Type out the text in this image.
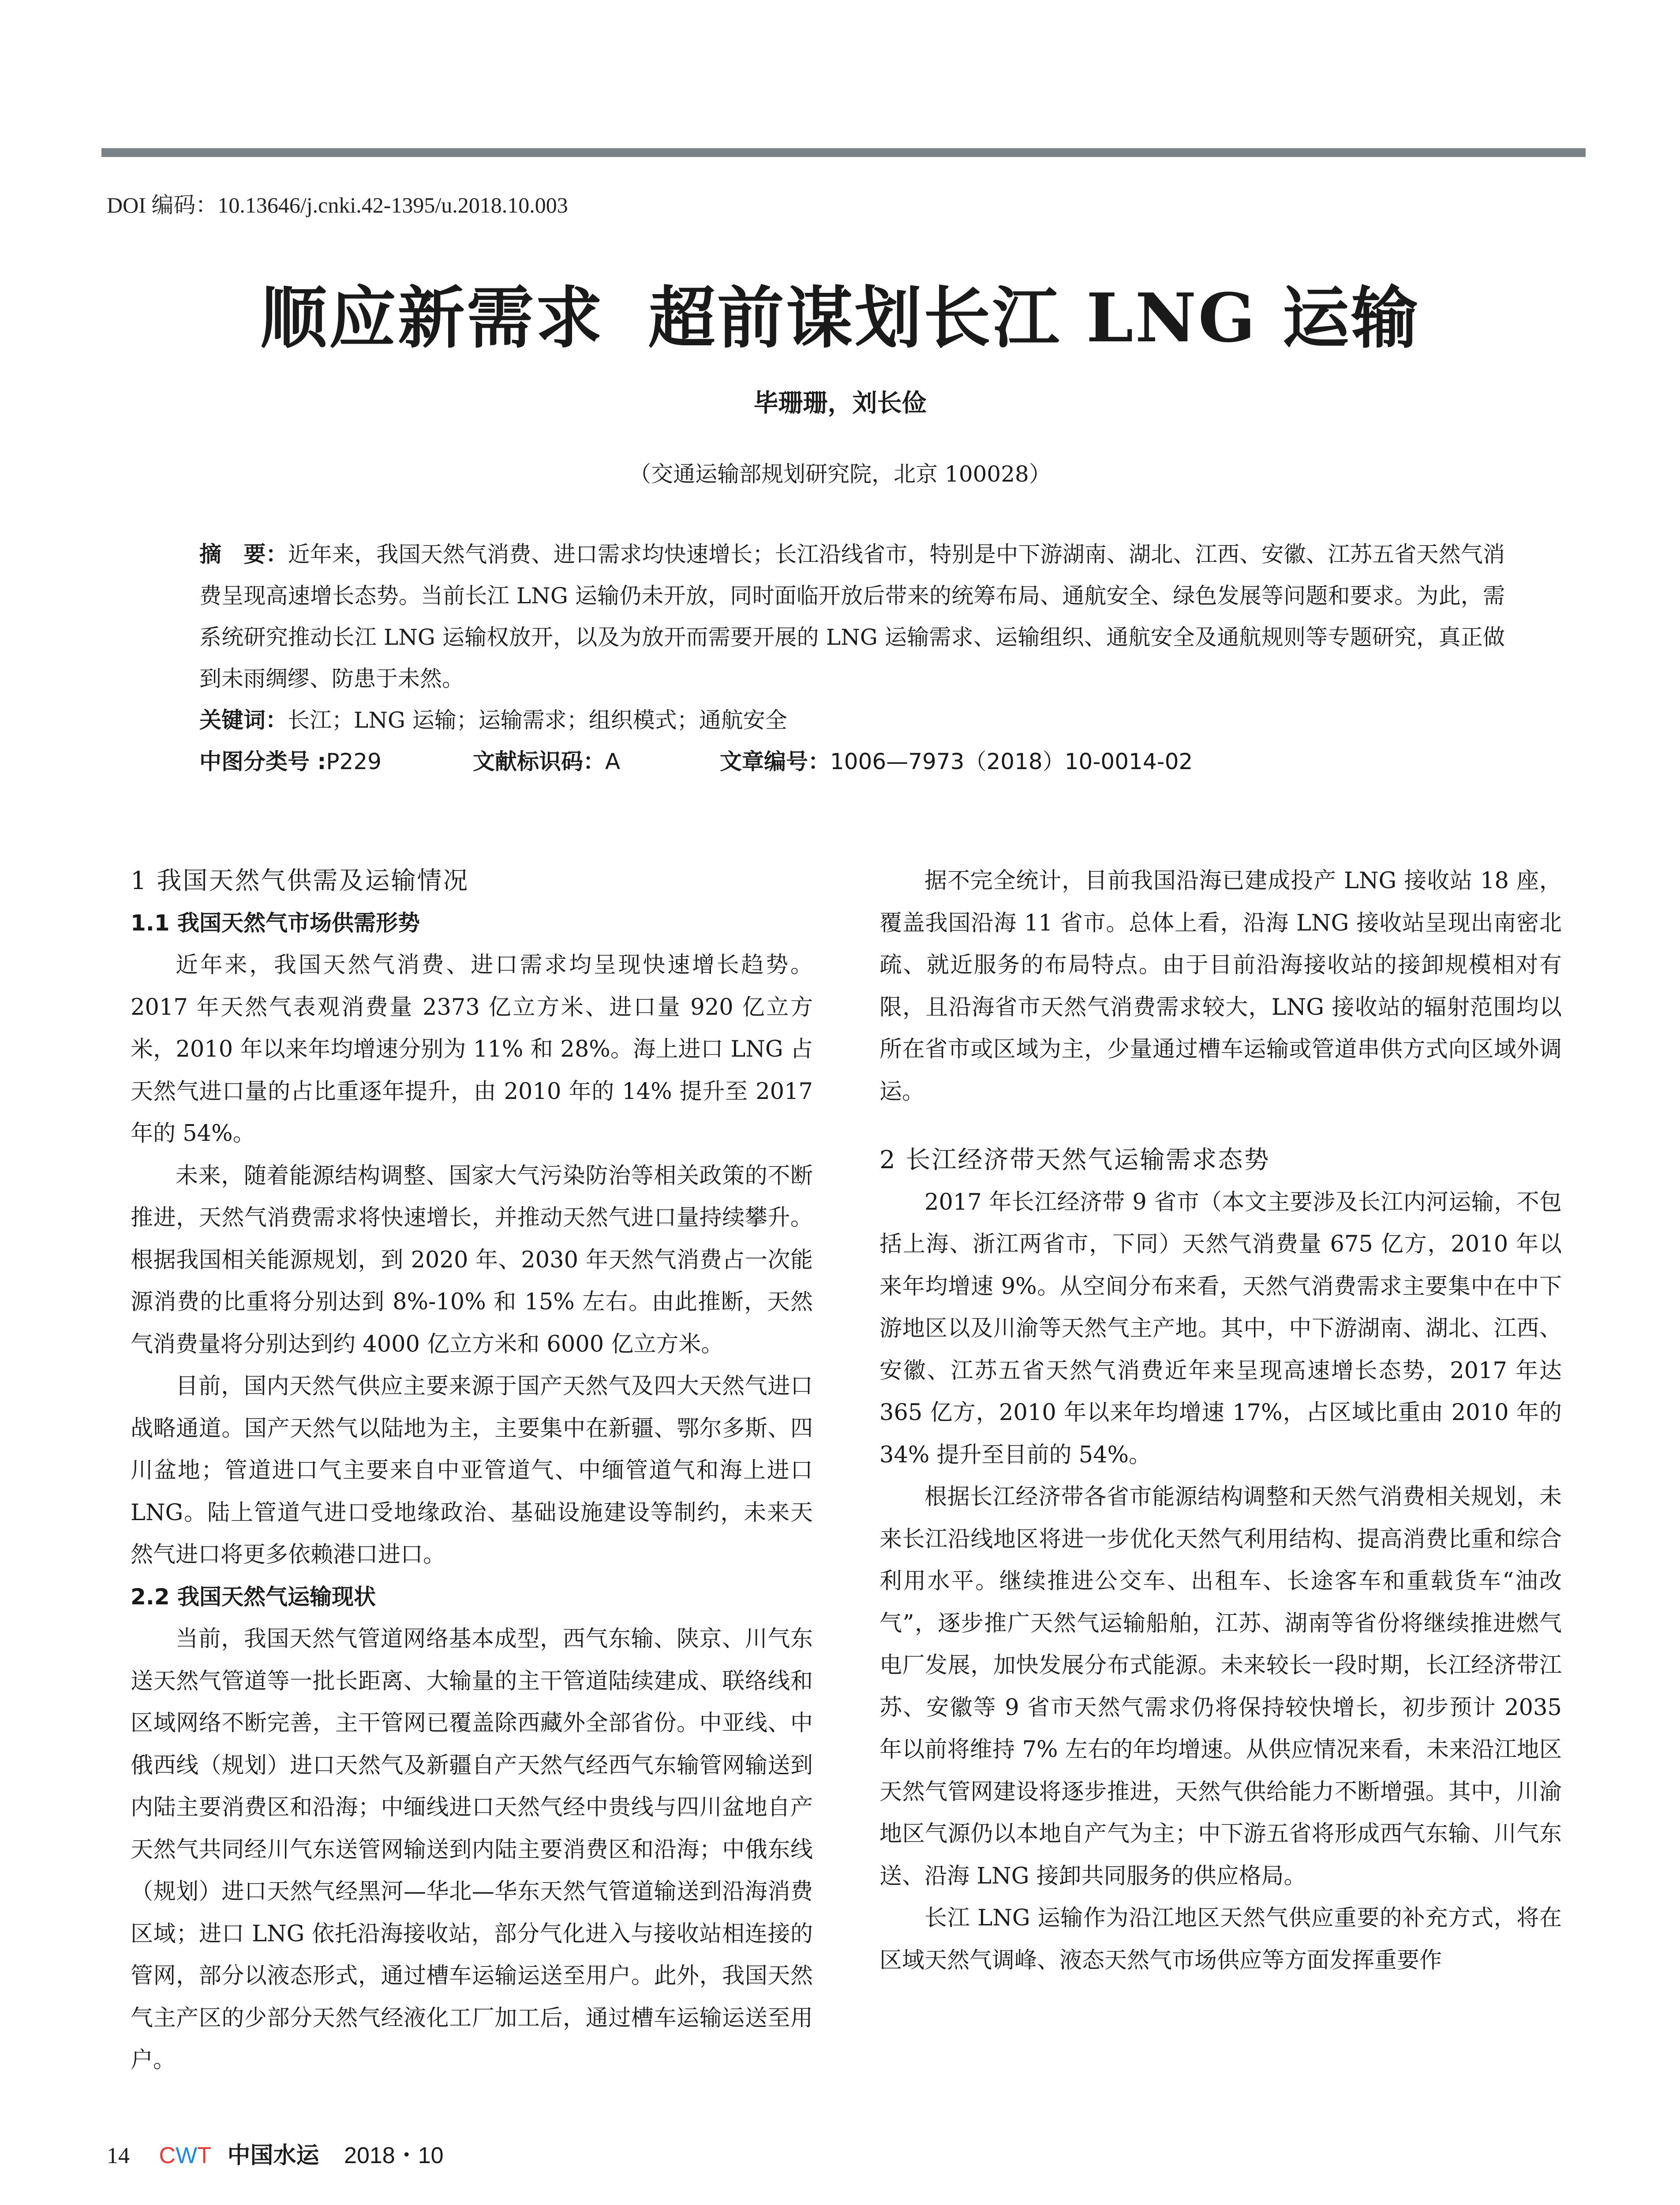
DOI 编码：10.13646/j.cnki.42-1395/u.2018.10.003
顺应新需求 超前谋划长江 LNG 运输
毕珊珊，刘长俭
（交通运输部规划研究院，北京 100028）
摘　要：近年来，我国天然气消费、进口需求均快速增长；长江沿线省市，特别是中下游湖南、湖北、江西、安徽、江苏五省天然气消费呈现高速增长态势。当前长江 LNG 运输仍未开放，同时面临开放后带来的统筹布局、通航安全、绿色发展等问题和要求。为此，需系统研究推动长江 LNG 运输权放开，以及为放开而需要开展的 LNG 运输需求、运输组织、通航安全及通航规则等专题研究，真正做到未雨绸缪、防患于未然。
关键词：长江；LNG 运输；运输需求；组织模式；通航安全
中图分类号 :P229	文献标识码：A	文章编号：1006—7973（2018）10-0014-02
1 我国天然气供需及运输情况
1.1 我国天然气市场供需形势

近年来，我国天然气消费、进口需求均呈现快速增长趋势。2017 年天然气表观消费量 2373 亿立方米、进口量 920 亿立方米，2010 年以来年均增速分别为 11% 和 28%。海上进口 LNG 占天然气进口量的占比重逐年提升，由 2010 年的 14% 提升至 2017 年的 54%。

未来，随着能源结构调整、国家大气污染防治等相关政策的不断推进，天然气消费需求将快速增长，并推动天然气进口量持续攀升。根据我国相关能源规划，到 2020 年、2030 年天然气消费占一次能源消费的比重将分别达到 8%-10% 和 15% 左右。由此推断，天然气消费量将分别达到约 4000 亿立方米和 6000 亿立方米。

目前，国内天然气供应主要来源于国产天然气及四大天然气进口战略通道。国产天然气以陆地为主，主要集中在新疆、鄂尔多斯、四川盆地；管道进口气主要来自中亚管道气、中缅管道气和海上进口 LNG。陆上管道气进口受地缘政治、基础设施建设等制约，未来天然气进口将更多依赖港口进口。

2.2 我国天然气运输现状

当前，我国天然气管道网络基本成型，西气东输、陕京、川气东送天然气管道等一批长距离、大输量的主干管道陆续建成、联络线和区域网络不断完善，主干管网已覆盖除西藏外全部省份。中亚线、中俄西线（规划）进口天然气及新疆自产天然气经西气东输管网输送到内陆主要消费区和沿海；中缅线进口天然气经中贵线与四川盆地自产天然气共同经川气东送管网输送到内陆主要消费区和沿海；中俄东线（规划）进口天然气经黑河—华北—华东天然气管道输送到沿海消费区域；进口 LNG 依托沿海接收站，部分气化进入与接收站相连接的管网，部分以液态形式，通过槽车运输运送至用户。此外，我国天然气主产区的少部分天然气经液化工厂加工后，通过槽车运输运送至用户。

据不完全统计，目前我国沿海已建成投产 LNG 接收站 18 座，覆盖我国沿海 11 省市。总体上看，沿海 LNG 接收站呈现出南密北疏、就近服务的布局特点。由于目前沿海接收站的接卸规模相对有限，且沿海省市天然气消费需求较大，LNG 接收站的辐射范围均以所在省市或区域为主，少量通过槽车运输或管道串供方式向区域外调运。

2 长江经济带天然气运输需求态势

2017 年长江经济带 9 省市（本文主要涉及长江内河运输，不包括上海、浙江两省市，下同）天然气消费量 675 亿方，2010 年以来年均增速 9%。从空间分布来看，天然气消费需求主要集中在中下游地区以及川渝等天然气主产地。其中，中下游湖南、湖北、江西、安徽、江苏五省天然气消费近年来呈现高速增长态势，2017 年达 365 亿方，2010 年以来年均增速 17%，占区域比重由 2010 年的 34% 提升至目前的 54%。

根据长江经济带各省市能源结构调整和天然气消费相关规划，未来长江沿线地区将进一步优化天然气利用结构、提高消费比重和综合利用水平。继续推进公交车、出租车、长途客车和重载货车“油改气”，逐步推广天然气运输船舶，江苏、湖南等省份将继续推进燃气电厂发展，加快发展分布式能源。未来较长一段时期，长江经济带江苏、安徽等 9 省市天然气需求仍将保持较快增长，初步预计 2035 年以前将维持 7% 左右的年均增速。从供应情况来看，未来沿江地区天然气管网建设将逐步推进，天然气供给能力不断增强。其中，川渝地区气源仍以本地自产气为主；中下游五省将形成西气东输、川气东送、沿海 LNG 接卸共同服务的供应格局。

长江 LNG 运输作为沿江地区天然气供应重要的补充方式，将在区域天然气调峰、液态天然气市场供应等方面发挥重要作

14 CWT 中国水运 2018・10
